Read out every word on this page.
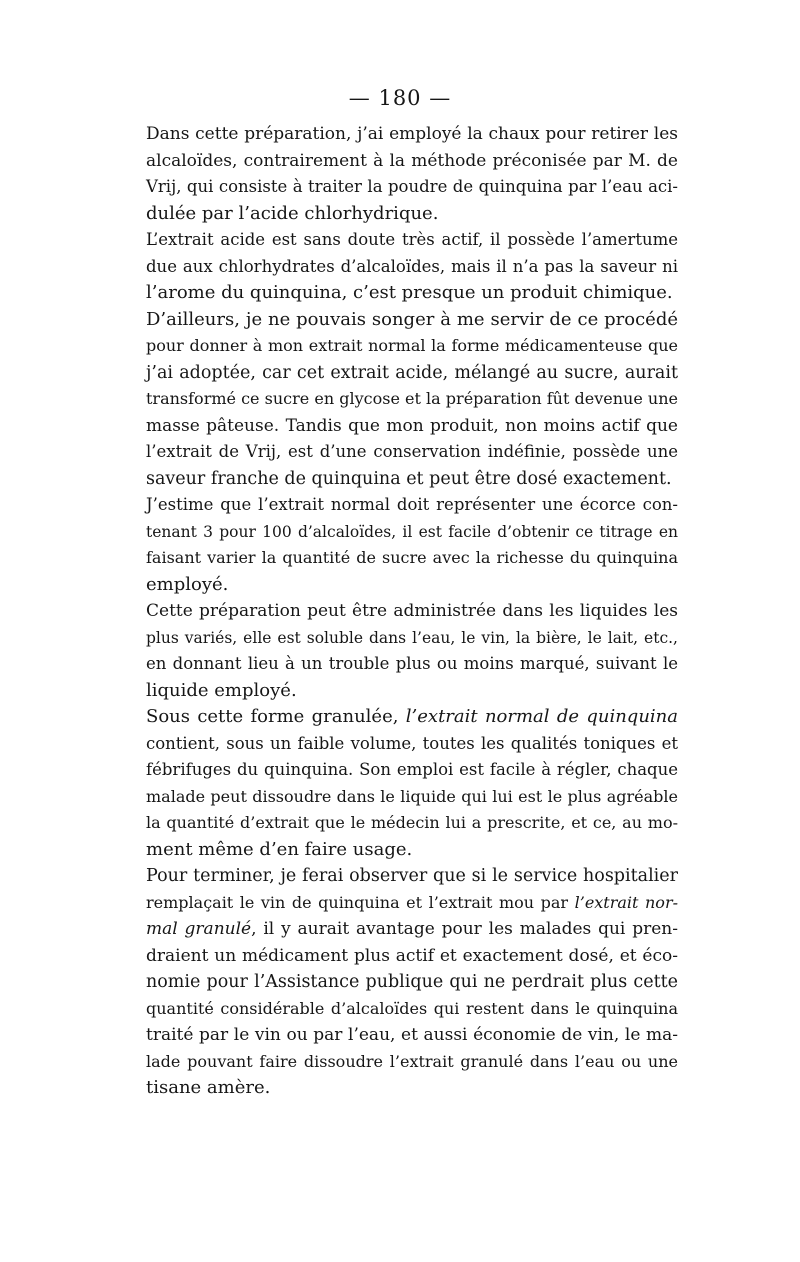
— 180 —
Dans cette préparation, j’ai employé la chaux pour retirer les
alcaloïdes, contrairement à la méthode préconisée par M. de
Vrij, qui consiste à traiter la poudre de quinquina par l’eau aci-
dulée par l’acide chlorhydrique.
L’extrait acide est sans doute très actif, il possède l’amertume
due aux chlorhydrates d’alcaloïdes, mais il n’a pas la saveur ni
l’arome du quinquina, c’est presque un produit chimique.
D’ailleurs, je ne pouvais songer à me servir de ce procédé
pour donner à mon extrait normal la forme médicamenteuse que
j’ai adoptée, car cet extrait acide, mélangé au sucre, aurait
transformé ce sucre en glycose et la préparation fût devenue une
masse pâteuse. Tandis que mon produit, non moins actif que
l’extrait de Vrij, est d’une conservation indéfinie, possède une
saveur franche de quinquina et peut être dosé exactement.
J’estime que l’extrait normal doit représenter une écorce con-
tenant 3 pour 100 d’alcaloïdes, il est facile d’obtenir ce titrage en
faisant varier la quantité de sucre avec la richesse du quinquina
employé.
Cette préparation peut être administrée dans les liquides les
plus variés, elle est soluble dans l’eau, le vin, la bière, le lait, etc.,
en donnant lieu à un trouble plus ou moins marqué, suivant le
liquide employé.
Sous cette forme granulée, l’extrait normal de quinquina
contient, sous un faible volume, toutes les qualités toniques et
fébrifuges du quinquina. Son emploi est facile à régler, chaque
malade peut dissoudre dans le liquide qui lui est le plus agréable
la quantité d’extrait que le médecin lui a prescrite, et ce, au mo-
ment même d’en faire usage.
Pour terminer, je ferai observer que si le service hospitalier
remplaçait le vin de quinquina et l’extrait mou par l’extrait nor-
mal granulé, il y aurait avantage pour les malades qui pren-
draient un médicament plus actif et exactement dosé, et éco-
nomie pour l’Assistance publique qui ne perdrait plus cette
quantité considérable d’alcaloïdes qui restent dans le quinquina
traité par le vin ou par l’eau, et aussi économie de vin, le ma-
lade pouvant faire dissoudre l’extrait granulé dans l’eau ou une
tisane amère.
